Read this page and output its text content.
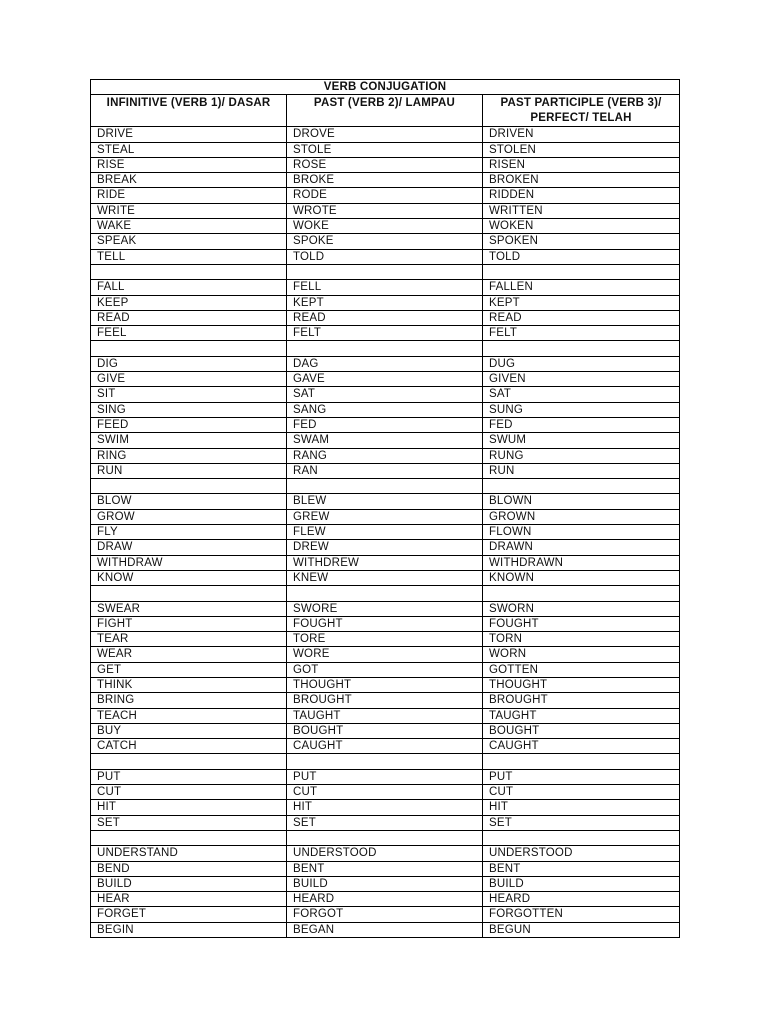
VERB CONJUGATION		
INFINITIVE (VERB 1)/ DASAR	PAST (VERB 2)/ LAMPAU	PAST PARTICIPLE (VERB 3)/ PERFECT/ TELAH
DRIVE	DROVE	DRIVEN
STEAL	STOLE	STOLEN
RISE	ROSE	RISEN
BREAK	BROKE	BROKEN
RIDE	RODE	RIDDEN
WRITE	WROTE	WRITTEN
WAKE	WOKE	WOKEN
SPEAK	SPOKE	SPOKEN
TELL	TOLD	TOLD

FALL	FELL	FALLEN
KEEP	KEPT	KEPT
READ	READ	READ
FEEL	FELT	FELT

DIG	DAG	DUG
GIVE	GAVE	GIVEN
SIT	SAT	SAT
SING	SANG	SUNG
FEED	FED	FED
SWIM	SWAM	SWUM
RING	RANG	RUNG
RUN	RAN	RUN

BLOW	BLEW	BLOWN
GROW	GREW	GROWN
FLY	FLEW	FLOWN
DRAW	DREW	DRAWN
WITHDRAW	WITHDREW	WITHDRAWN
KNOW	KNEW	KNOWN

SWEAR	SWORE	SWORN
FIGHT	FOUGHT	FOUGHT
TEAR	TORE	TORN
WEAR	WORE	WORN
GET	GOT	GOTTEN
THINK	THOUGHT	THOUGHT
BRING	BROUGHT	BROUGHT
TEACH	TAUGHT	TAUGHT
BUY	BOUGHT	BOUGHT
CATCH	CAUGHT	CAUGHT

PUT	PUT	PUT
CUT	CUT	CUT
HIT	HIT	HIT
SET	SET	SET

UNDERSTAND	UNDERSTOOD	UNDERSTOOD
BEND	BENT	BENT
BUILD	BUILD	BUILD
HEAR	HEARD	HEARD
FORGET	FORGOT	FORGOTTEN
BEGIN	BEGAN	BEGUN
